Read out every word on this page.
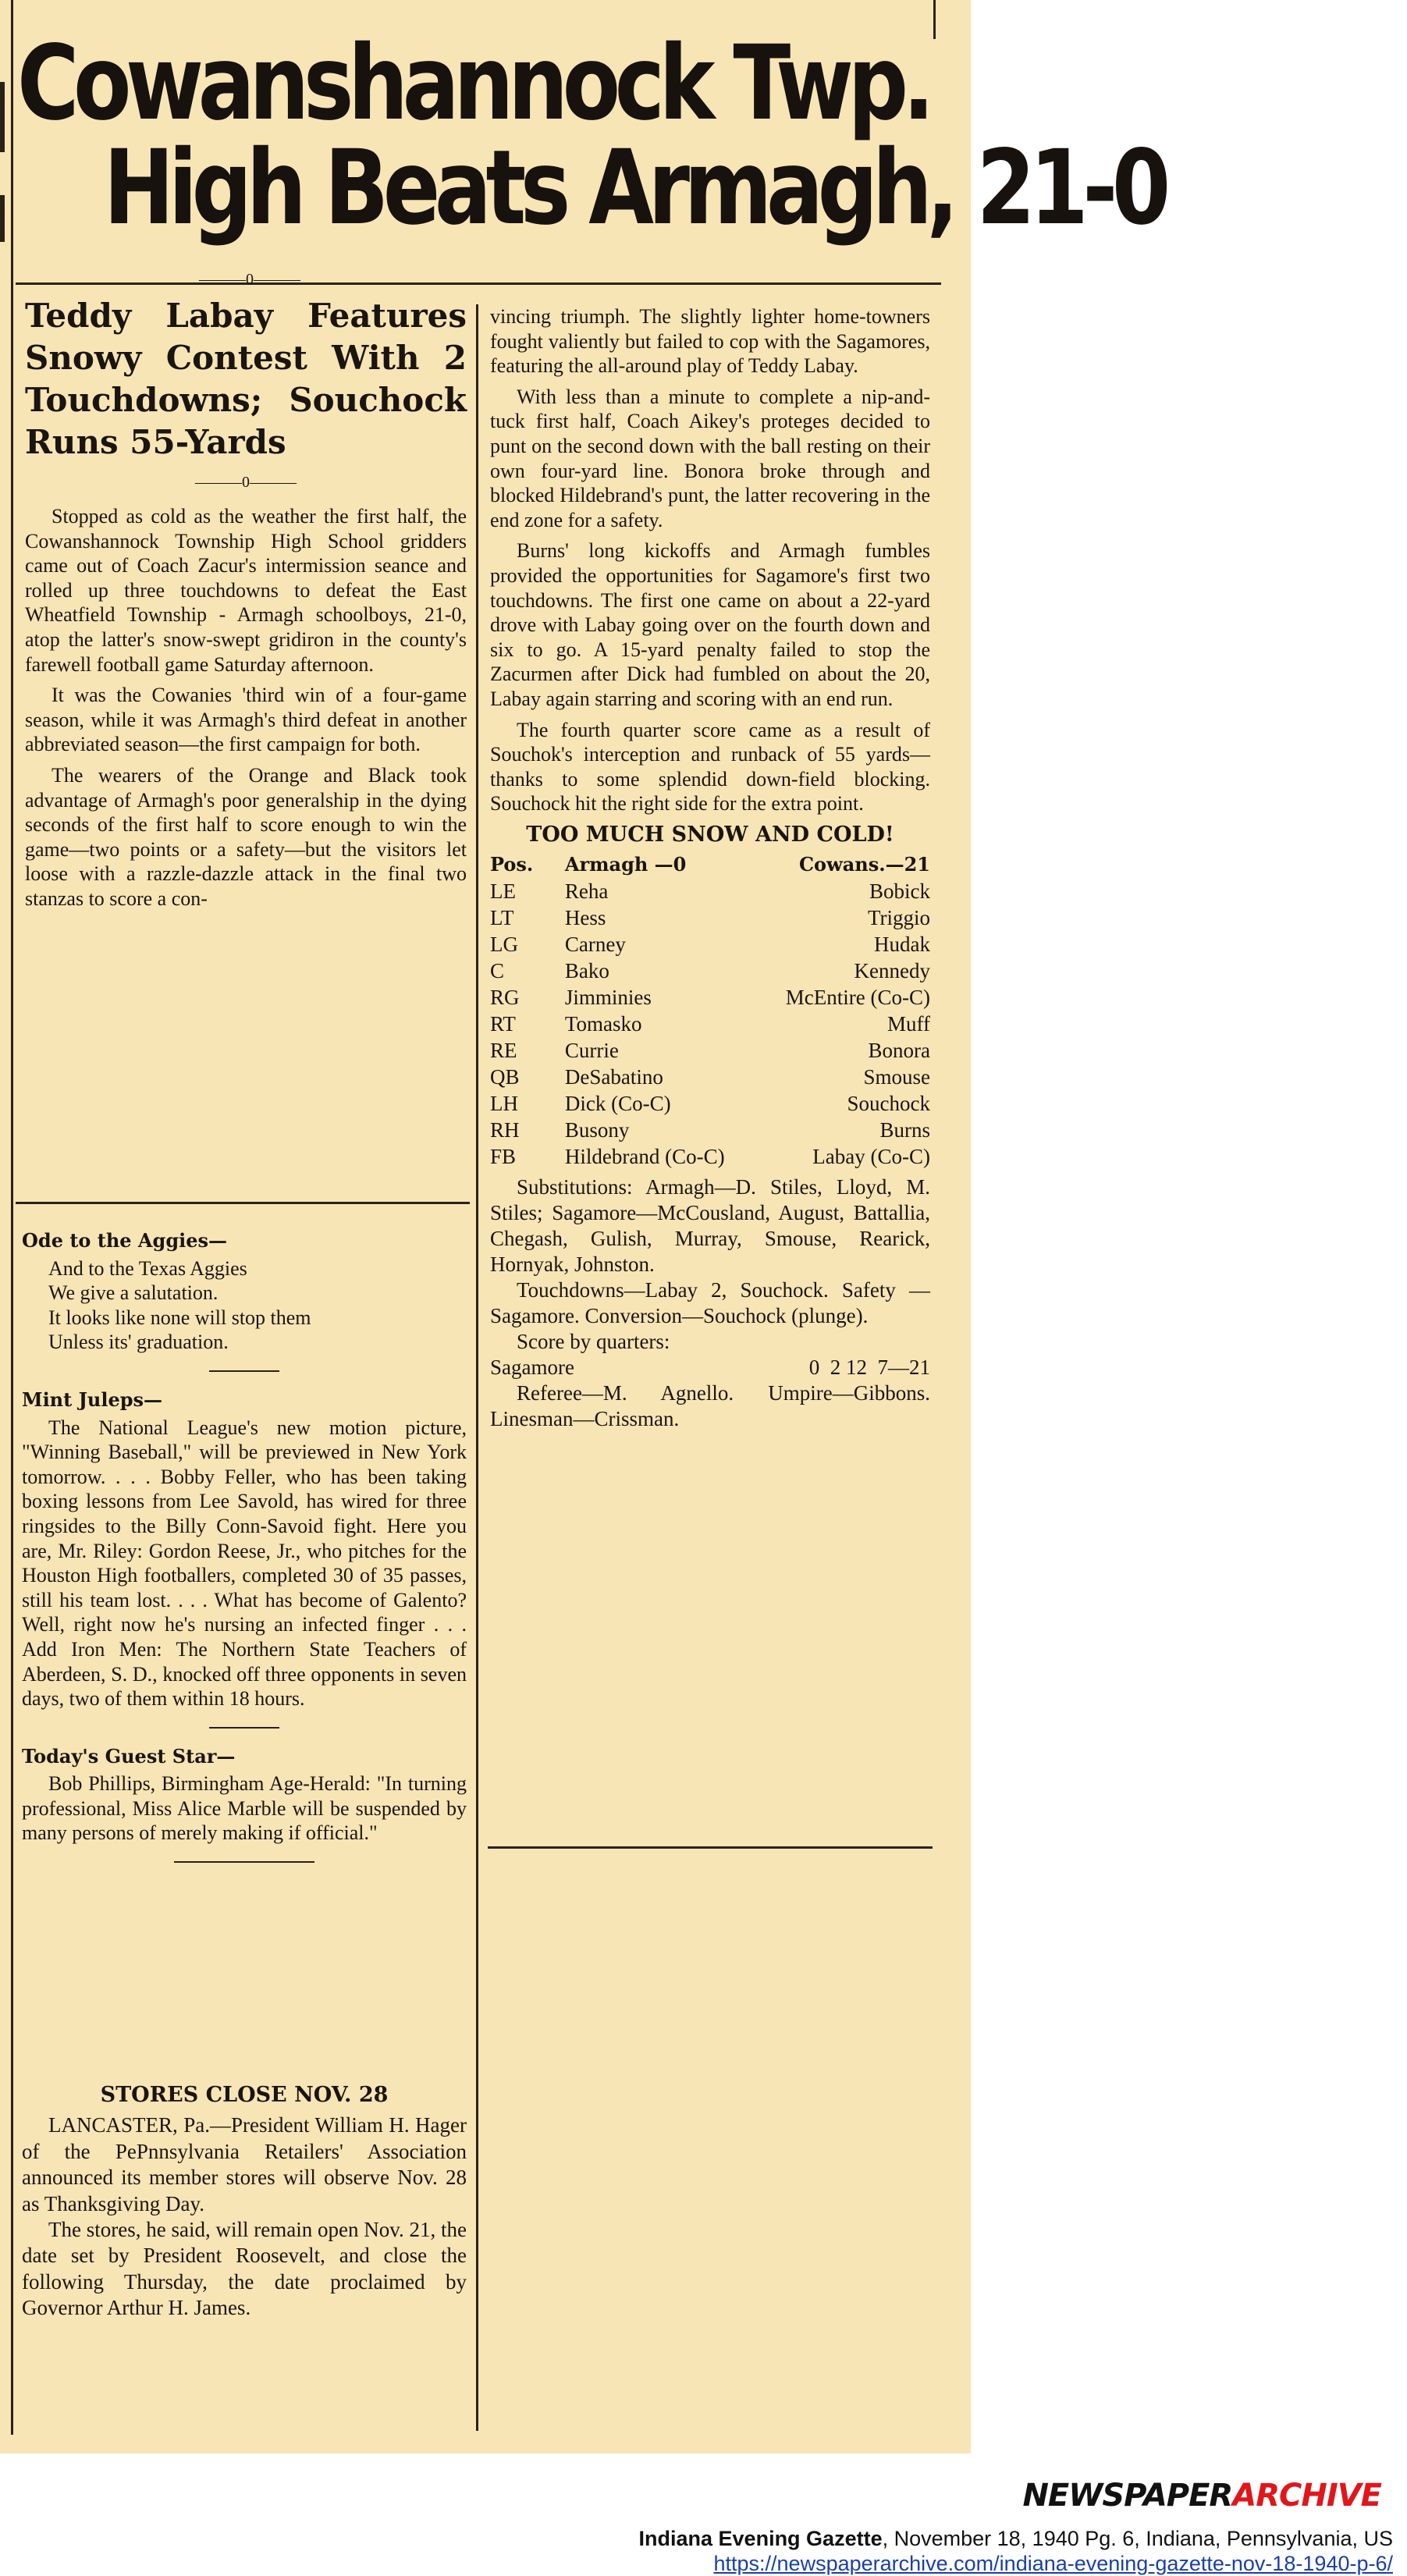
Cowanshannock Twp.
High Beats Armagh, 21-0
———0———

Teddy Labay Features Snowy Contest With 2 Touchdowns; Souchock Runs 55-Yards

———0———

Stopped as cold as the weather the first half, the Cowanshannock Township High School gridders came out of Coach Zacur's intermission seance and rolled up three touchdowns to defeat the East Wheatfield Township - Armagh schoolboys, 21-0, atop the latter's snow-swept gridiron in the county's farewell football game Saturday afternoon.

It was the Cowanies 'third win of a four-game season, while it was Armagh's third defeat in another abbreviated season—the first campaign for both.

The wearers of the Orange and Black took advantage of Armagh's poor generalship in the dying seconds of the first half to score enough to win the game—two points or a safety—but the visitors let loose with a razzle-dazzle attack in the final two stanzas to score a con-

Ode to the Aggies—
And to the Texas Aggies
We give a salutation.
It looks like none will stop them
Unless its' graduation.
Mint Juleps—

The National League's new motion picture, "Winning Baseball," will be previewed in New York tomorrow. . . . Bobby Feller, who has been taking boxing lessons from Lee Savold, has wired for three ringsides to the Billy Conn-Savoid fight. Here you are, Mr. Riley: Gordon Reese, Jr., who pitches for the Houston High footballers, completed 30 of 35 passes, still his team lost. . . . What has become of Galento? Well, right now he's nursing an infected finger . . . Add Iron Men: The Northern State Teachers of Aberdeen, S. D., knocked off three opponents in seven days, two of them within 18 hours.

Today's Guest Star—

Bob Phillips, Birmingham Age-Herald: "In turning professional, Miss Alice Marble will be suspended by many persons of merely making if official."

STORES CLOSE NOV. 28

LANCASTER, Pa.—President William H. Hager of the PePnnsylvania Retailers' Association announced its member stores will observe Nov. 28 as Thanksgiving Day.

The stores, he said, will remain open Nov. 21, the date set by President Roosevelt, and close the following Thursday, the date proclaimed by Governor Arthur H. James.

vincing triumph. The slightly lighter home-towners fought valiently but failed to cop with the Sagamores, featuring the all-around play of Teddy Labay.

With less than a minute to complete a nip-and-tuck first half, Coach Aikey's proteges decided to punt on the second down with the ball resting on their own four-yard line. Bonora broke through and blocked Hildebrand's punt, the latter recovering in the end zone for a safety.

Burns' long kickoffs and Armagh fumbles provided the opportunities for Sagamore's first two touchdowns. The first one came on about a 22-yard drove with Labay going over on the fourth down and six to go. A 15-yard penalty failed to stop the Zacurmen after Dick had fumbled on about the 20, Labay again starring and scoring with an end run.

The fourth quarter score came as a result of Souchok's interception and runback of 55 yards—thanks to some splendid down-field blocking. Souchock hit the right side for the extra point.

TOO MUCH SNOW AND COLD!
Pos.	Armagh —0	Cowans.—21
LE	Reha	Bobick
LT	Hess	Triggio
LG	Carney	Hudak
C	Bako	Kennedy
RG	Jimminies	McEntire (Co-C)
RT	Tomasko	Muff
RE	Currie	Bonora
QB	DeSabatino	Smouse
LH	Dick (Co-C)	Souchock
RH	Busony	Burns
FB	Hildebrand (Co-C)	Labay (Co-C)

Substitutions: Armagh—D. Stiles, Lloyd, M. Stiles; Sagamore—McCousland, August, Battallia, Chegash, Gulish, Murray, Smouse, Rearick, Hornyak, Johnston.

Touchdowns—Labay 2, Souchock. Safety — Sagamore. Conversion—Souchock (plunge).

Score by quarters:

Sagamore	0  2 12  7—21

Referee—M. Agnello. Umpire—Gibbons. Linesman—Crissman.

NEWSPAPERARCHIVE
Indiana Evening Gazette, November 18, 1940 Pg. 6, Indiana, Pennsylvania, US
https://newspaperarchive.com/indiana-evening-gazette-nov-18-1940-p-6/
